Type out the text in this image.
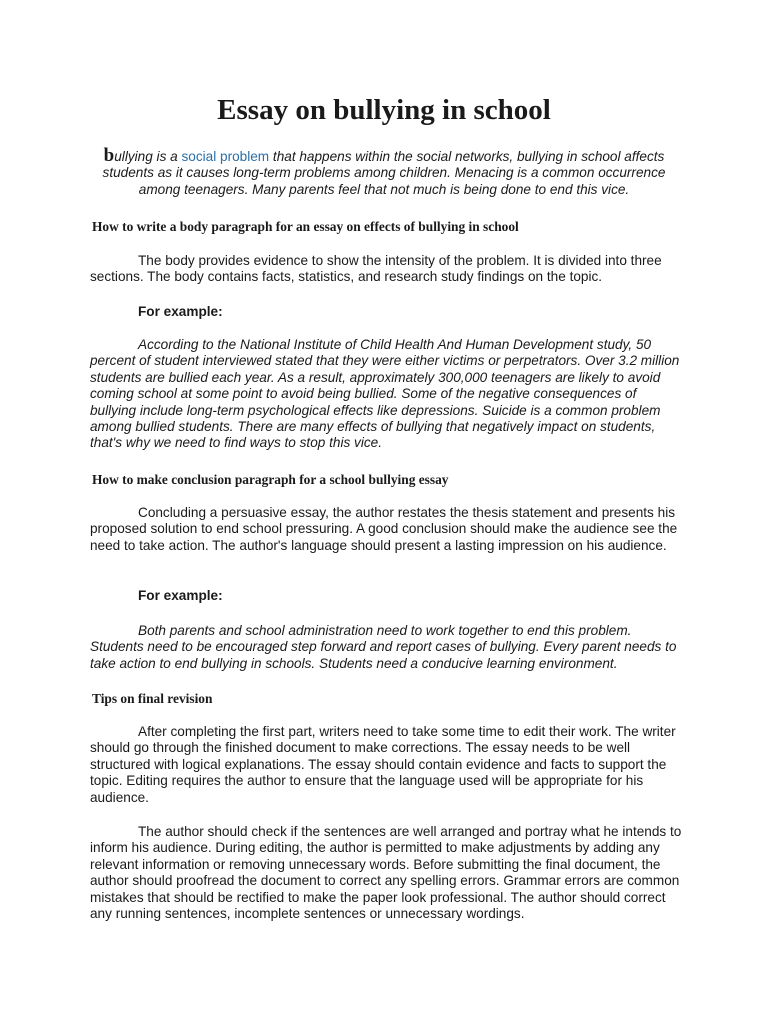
Essay on bullying in school

bullying is a social problem that happens within the social networks, bullying in school affects students as it causes long-term problems among children. Menacing is a common occurrence among teenagers. Many parents feel that not much is being done to end this vice.

How to write a body paragraph for an essay on effects of bullying in school

The body provides evidence to show the intensity of the problem. It is divided into three sections. The body contains facts, statistics, and research study findings on the topic.

For example:

According to the National Institute of Child Health And Human Development study, 50 percent of student interviewed stated that they were either victims or perpetrators. Over 3.2 million students are bullied each year. As a result, approximately 300,000 teenagers are likely to avoid coming school at some point to avoid being bullied. Some of the negative consequences of bullying include long-term psychological effects like depressions. Suicide is a common problem among bullied students. There are many effects of bullying that negatively impact on students, that's why we need to find ways to stop this vice.

How to make conclusion paragraph for a school bullying essay

Concluding a persuasive essay, the author restates the thesis statement and presents his proposed solution to end school pressuring. A good conclusion should make the audience see the need to take action. The author's language should present a lasting impression on his audience.

For example:

Both parents and school administration need to work together to end this problem. Students need to be encouraged step forward and report cases of bullying. Every parent needs to take action to end bullying in schools. Students need a conducive learning environment.

Tips on final revision

After completing the first part, writers need to take some time to edit their work. The writer should go through the finished document to make corrections. The essay needs to be well structured with logical explanations. The essay should contain evidence and facts to support the topic. Editing requires the author to ensure that the language used will be appropriate for his audience.

The author should check if the sentences are well arranged and portray what he intends to inform his audience. During editing, the author is permitted to make adjustments by adding any relevant information or removing unnecessary words. Before submitting the final document, the author should proofread the document to correct any spelling errors. Grammar errors are common mistakes that should be rectified to make the paper look professional. The author should correct any running sentences, incomplete sentences or unnecessary wordings.
